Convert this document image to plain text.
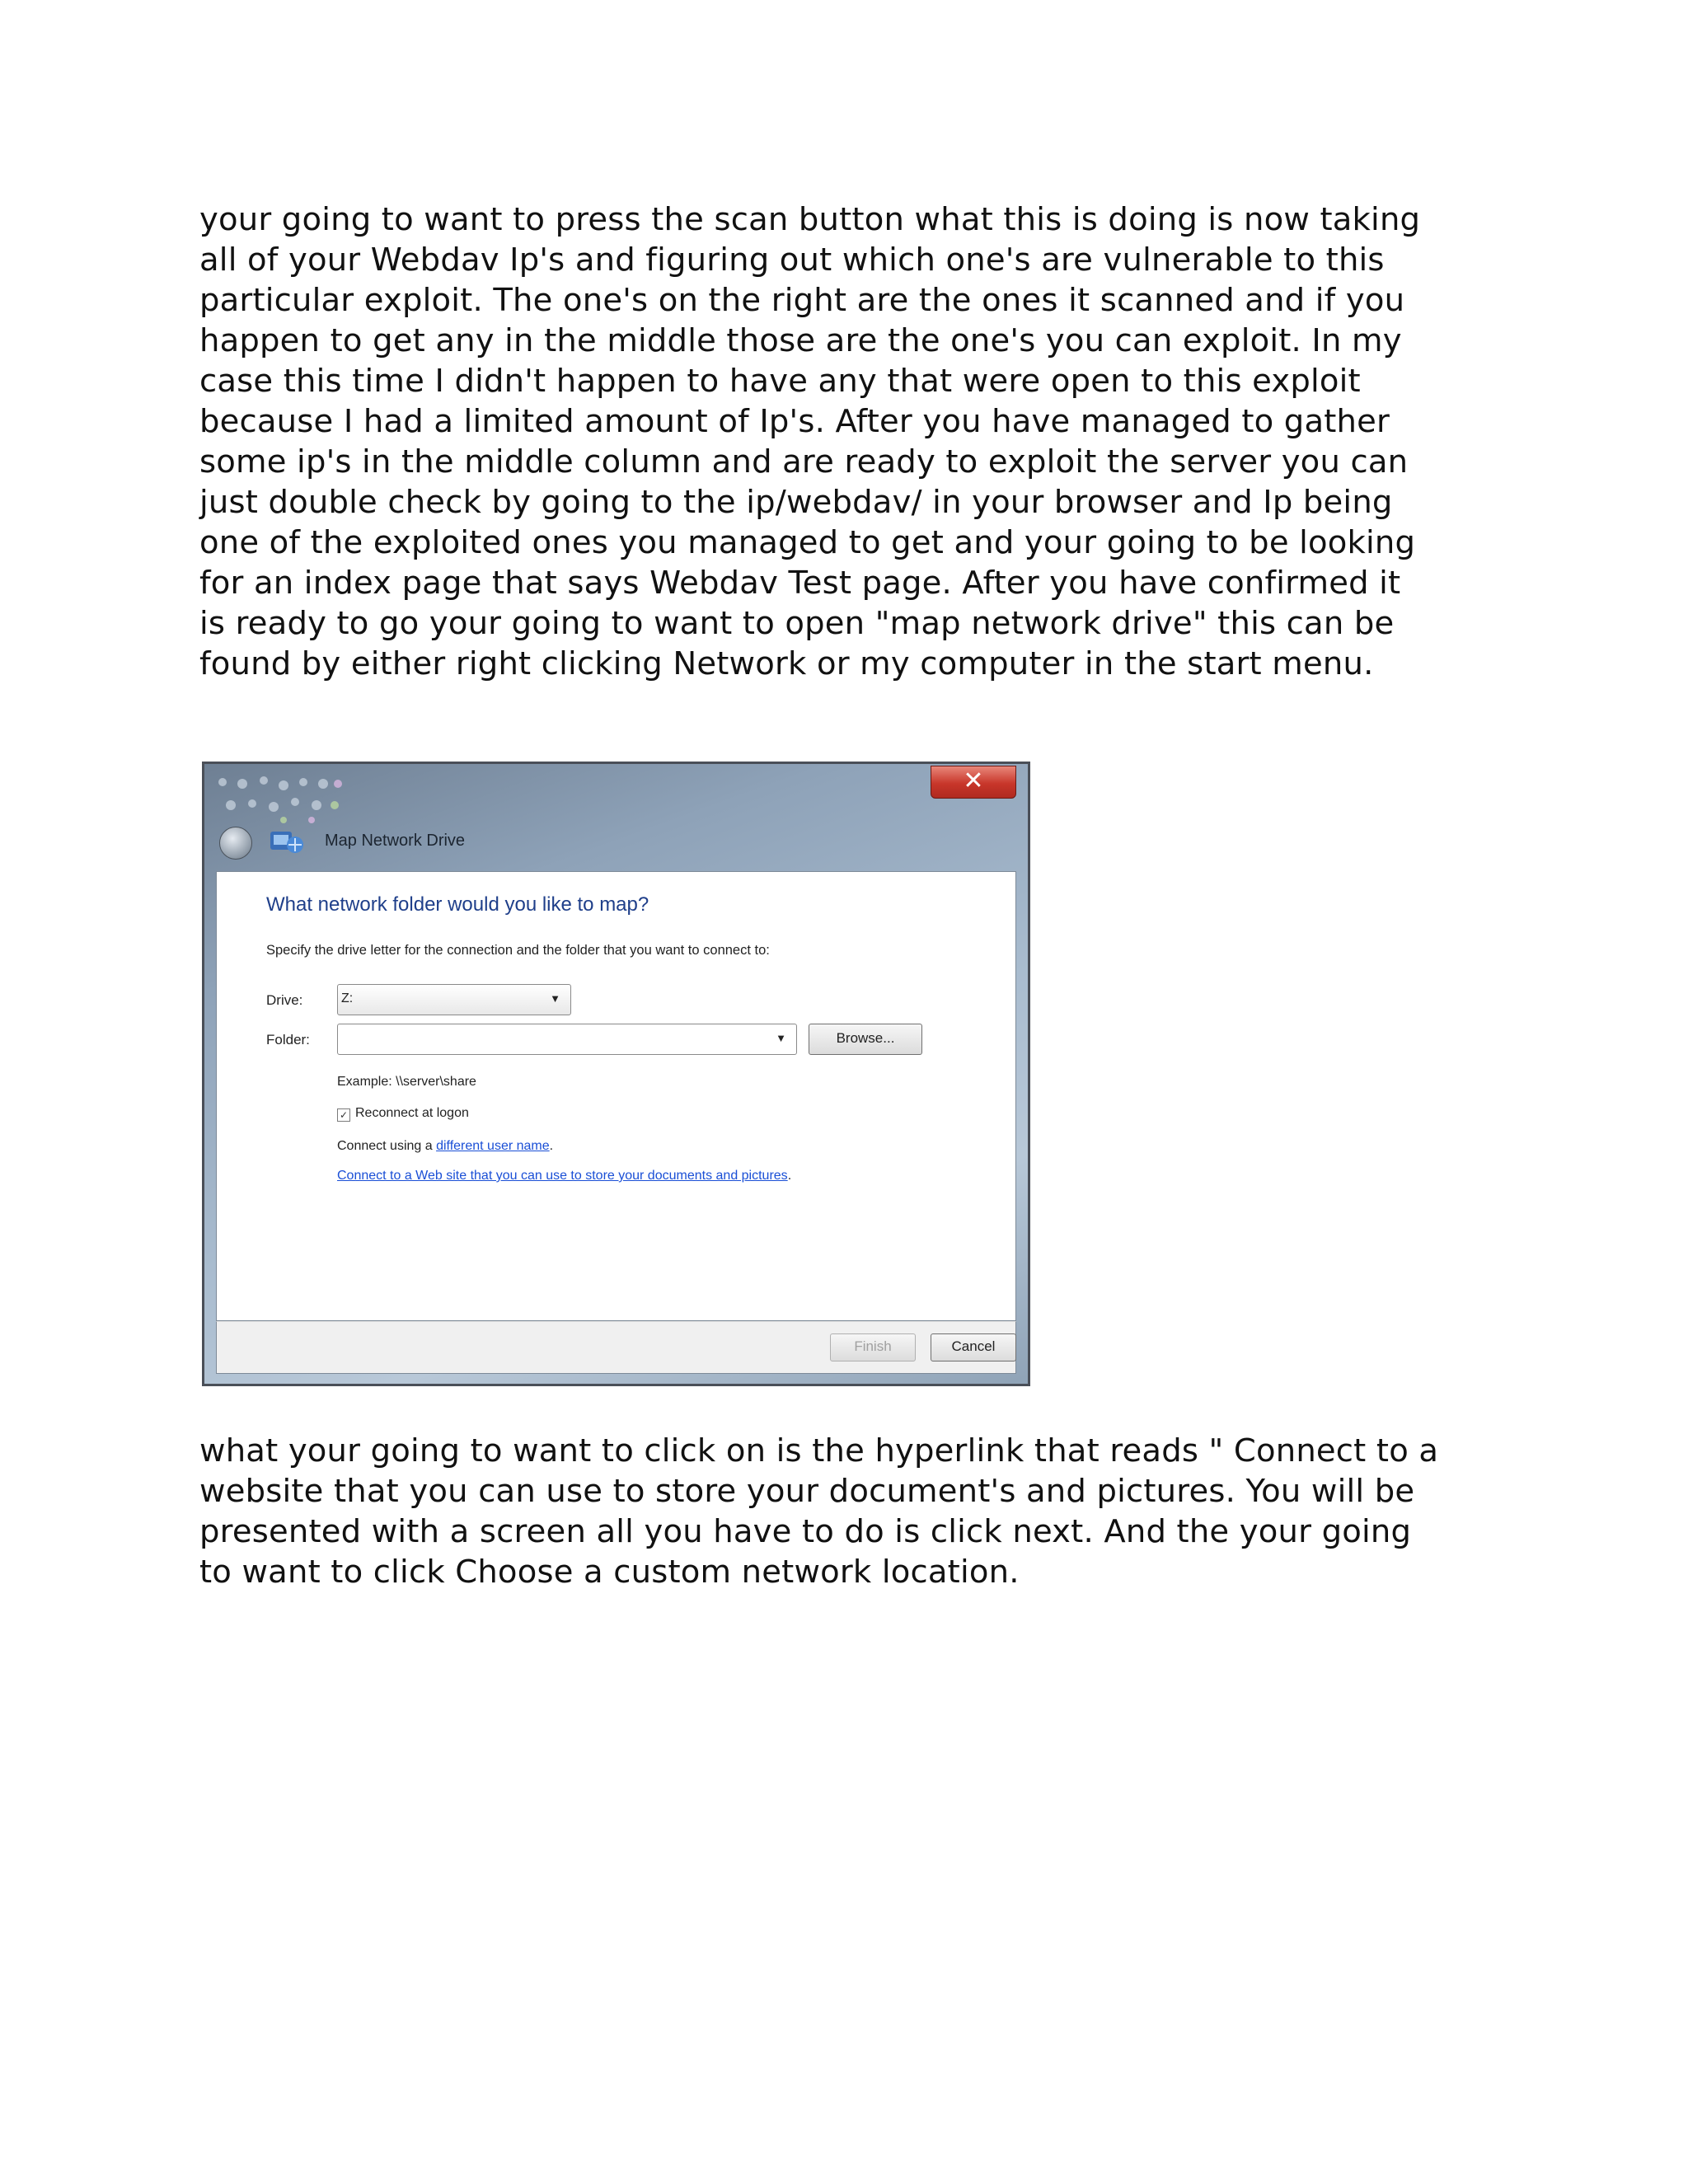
your going to want to press the scan button what this is doing is now taking
all of your Webdav Ip's and figuring out which one's are vulnerable to this
particular exploit. The one's on the right are the ones it scanned and if you
happen to get any in the middle those are the one's you can exploit. In my
case this time I didn't happen to have any that were open to this exploit
because I had a limited amount of Ip's. After you have managed to gather
some ip's in the middle column and are ready to exploit the server you can
just double check by going to the ip/webdav/ in your browser and Ip being
one of the exploited ones you managed to get and your going to be looking
for an index page that says Webdav Test page. After you have confirmed it
is ready to go your going to want to open "map network drive" this can be
found by either right clicking Network or my computer in the start menu.
✕
Map Network Drive
What network folder would you like to map?
Specify the drive letter for the connection and the folder that you want to connect to:
Drive:	Z:	▼
Folder:	▼	Browse...
Example: \\server\share
✓ Reconnect at logon
Connect using a different user name.
Connect to a Web site that you can use to store your documents and pictures.
Finish	Cancel
what your going to want to click on is the hyperlink that reads " Connect to a
website that you can use to store your document's and pictures. You will be
presented with a screen all you have to do is click next. And the your going
to want to click Choose a custom network location.
